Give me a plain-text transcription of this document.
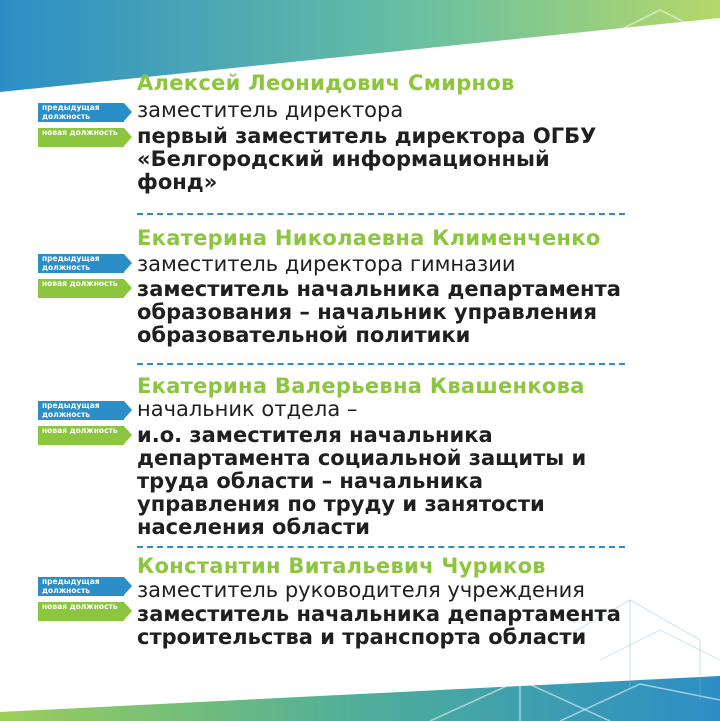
Алексей Леонидович Смирнов
предыдущая должность
новая должность
заместитель директора
первый заместитель директора ОГБУ «Белгородский информационный фонд»
Екатерина Николаевна Клименченко
предыдущая должность
новая должность
заместитель директора гимназии
заместитель начальника департамента образования – начальник управления образовательной политики
Екатерина Валерьевна Квашенкова
предыдущая должность
новая должность
начальник отдела –
и.о. заместителя начальника департамента социальной защиты и труда области – начальника управления по труду и занятости населения области
Константин Витальевич Чуриков
предыдущая должность
новая должность
заместитель руководителя учреждения
заместитель начальника департамента строительства и транспорта области
